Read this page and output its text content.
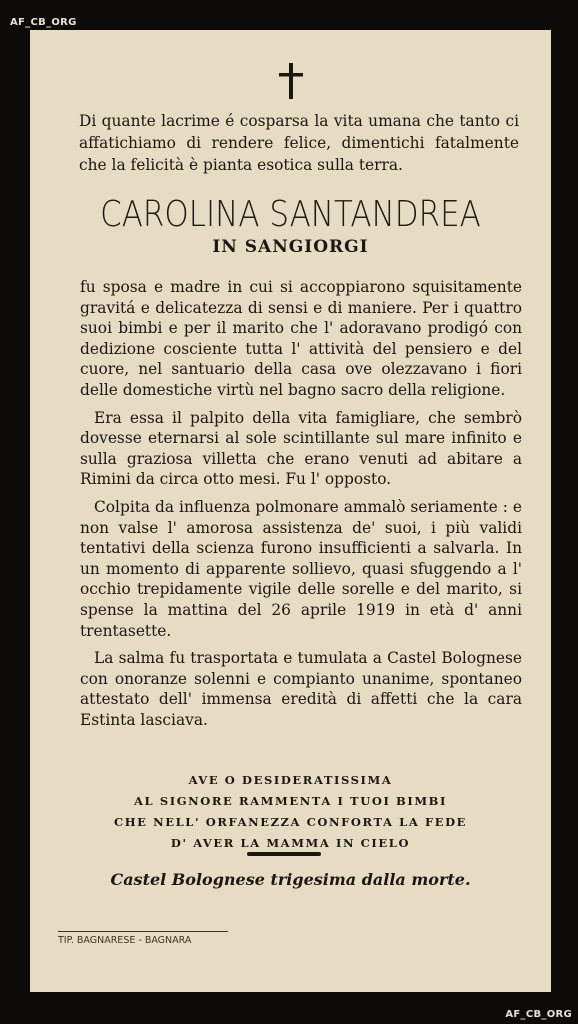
AF_CB_ORG

Di quante lacrime é cosparsa la vita umana che tanto ci affatichiamo di rendere felice, dimentichi fatalmente che la felicità è pianta esotica sulla terra.

CAROLINA SANTANDREA
IN SANGIORGI

fu sposa e madre in cui si accoppiarono squisitamente gravitá e delicatezza di sensi e di maniere. Per i quattro suoi bimbi e per il marito che l' adoravano prodigó con dedizione cosciente tutta l' attività del pensiero e del cuore, nel santuario della casa ove olezzavano i fiori delle domestiche virtù nel bagno sacro della religione.

Era essa il palpito della vita famigliare, che sembrò dovesse eternarsi al sole scintillante sul mare infinito e sulla graziosa villetta che erano venuti ad abitare a Rimini da circa otto mesi. Fu l' opposto.

Colpita da influenza polmonare ammalò seriamente : e non valse l' amorosa assistenza de' suoi, i più validi tentativi della scienza furono insufficienti a salvarla. In un momento di apparente sollievo, quasi sfuggendo a l' occhio trepidamente vigile delle sorelle e del marito, si spense la mattina del 26 aprile 1919 in età d' anni trentasette.

La salma fu trasportata e tumulata a Castel Bolognese con onoranze solenni e compianto unanime, spontaneo attestato dell' immensa eredità di affetti che la cara Estinta lasciava.

AVE O DESIDERATISSIMA
AL SIGNORE RAMMENTA I TUOI BIMBI
CHE NELL' ORFANEZZA CONFORTA LA FEDE
D' AVER LA MAMMA IN CIELO
Castel Bolognese trigesima dalla morte.
TIP. BAGNARESE - BAGNARA
AF_CB_ORG
